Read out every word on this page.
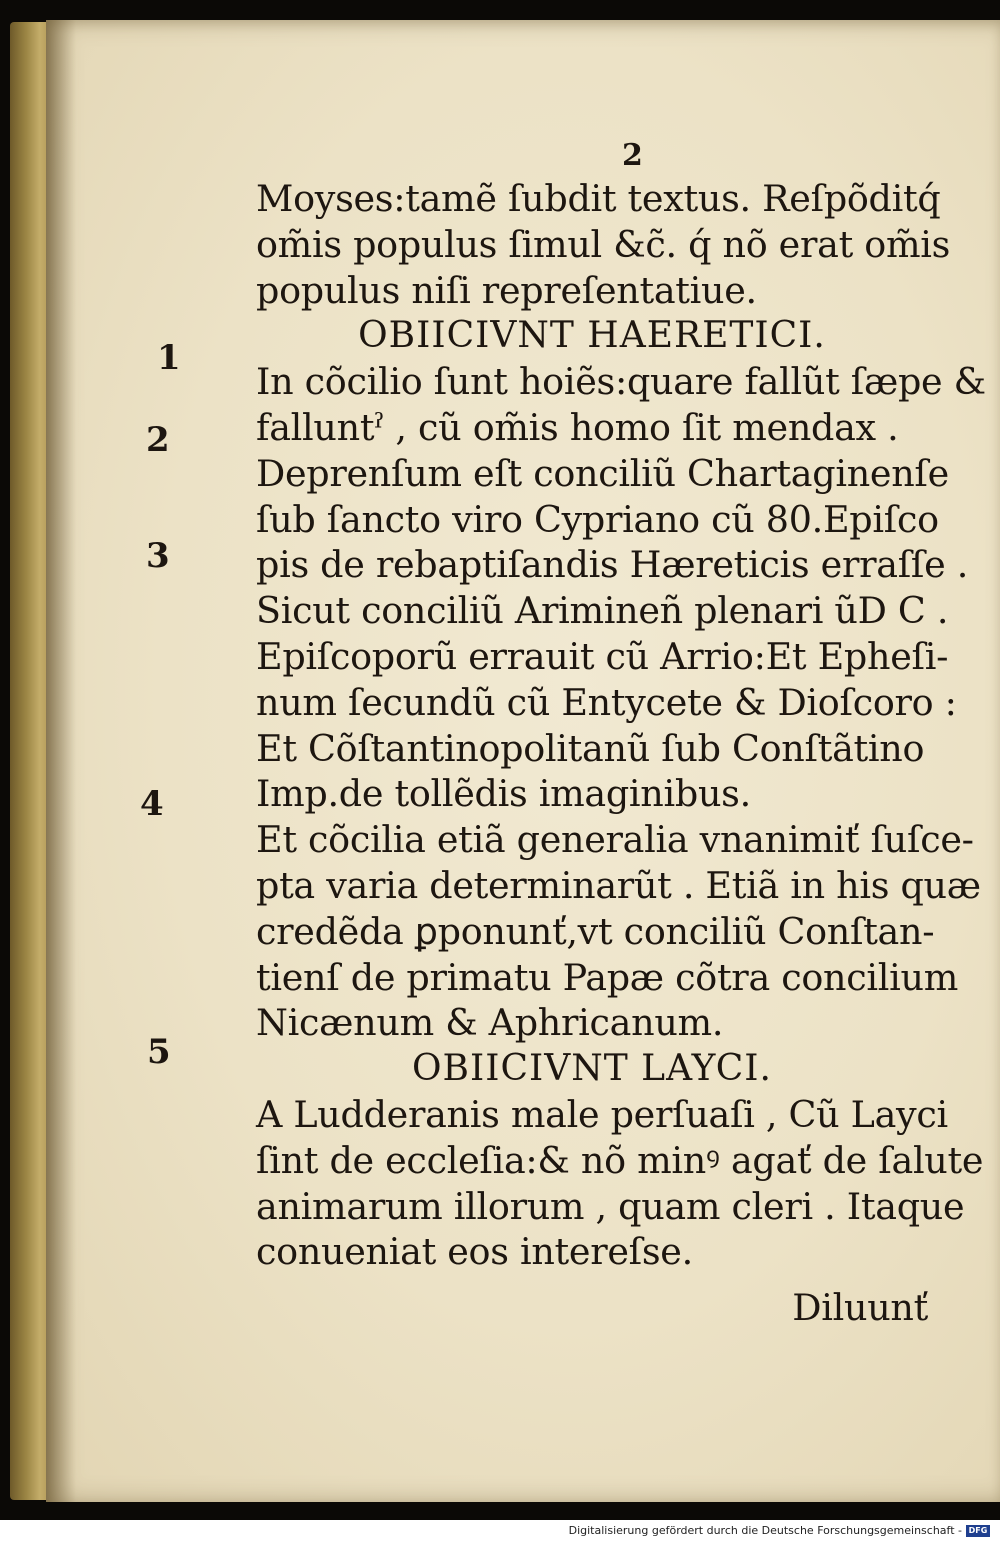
2
1
2
3
4
5
Moyses:tamẽ ſubdit textus. Reſpõditq́
om̃is populus ſimul &c̃. q́ nõ erat om̃is
populus niſi repreſentatiue.
OBIICIVNT HAERETICI.
In cõcilio ſunt hoiẽs:quare fallũt ſæpe &
falluntˀ , cũ om̃is homo ſit mendax .
Deprenſum eſt conciliũ Chartaginenſe
ſub ſancto viro Cypriano cũ 80.Epiſco
pis de rebaptiſandis Hæreticis erraſſe .
Sicut conciliũ Arimineñ plenari ũD C .
Epiſcoporũ errauit cũ Arrio:Et Epheſi-
num ſecundũ cũ Entycete & Dioſcoro :
Et Cõſtantinopolitanũ ſub Conſtãtino
Imp.de tollẽdis imaginibus.
Et cõcilia etiã generalia vnanimiť ſuſce-
pta varia determinarũt . Etiã in his quæ
credẽda ꝑponunť,vt conciliũ Conſtan-
tienſ de primatu Papæ cõtra concilium
Nicænum & Aphricanum.
OBIICIVNT LAYCI.
A Ludderanis male perſuaſi , Cũ Layci
ſint de eccleſia:& nõ minꝰ agať de ſalute
animarum illorum , quam cleri . Itaque
conueniat eos intereſse.
Diluunť
Digitalisierung gefördert durch die Deutsche Forschungsgemeinschaft - DFG
